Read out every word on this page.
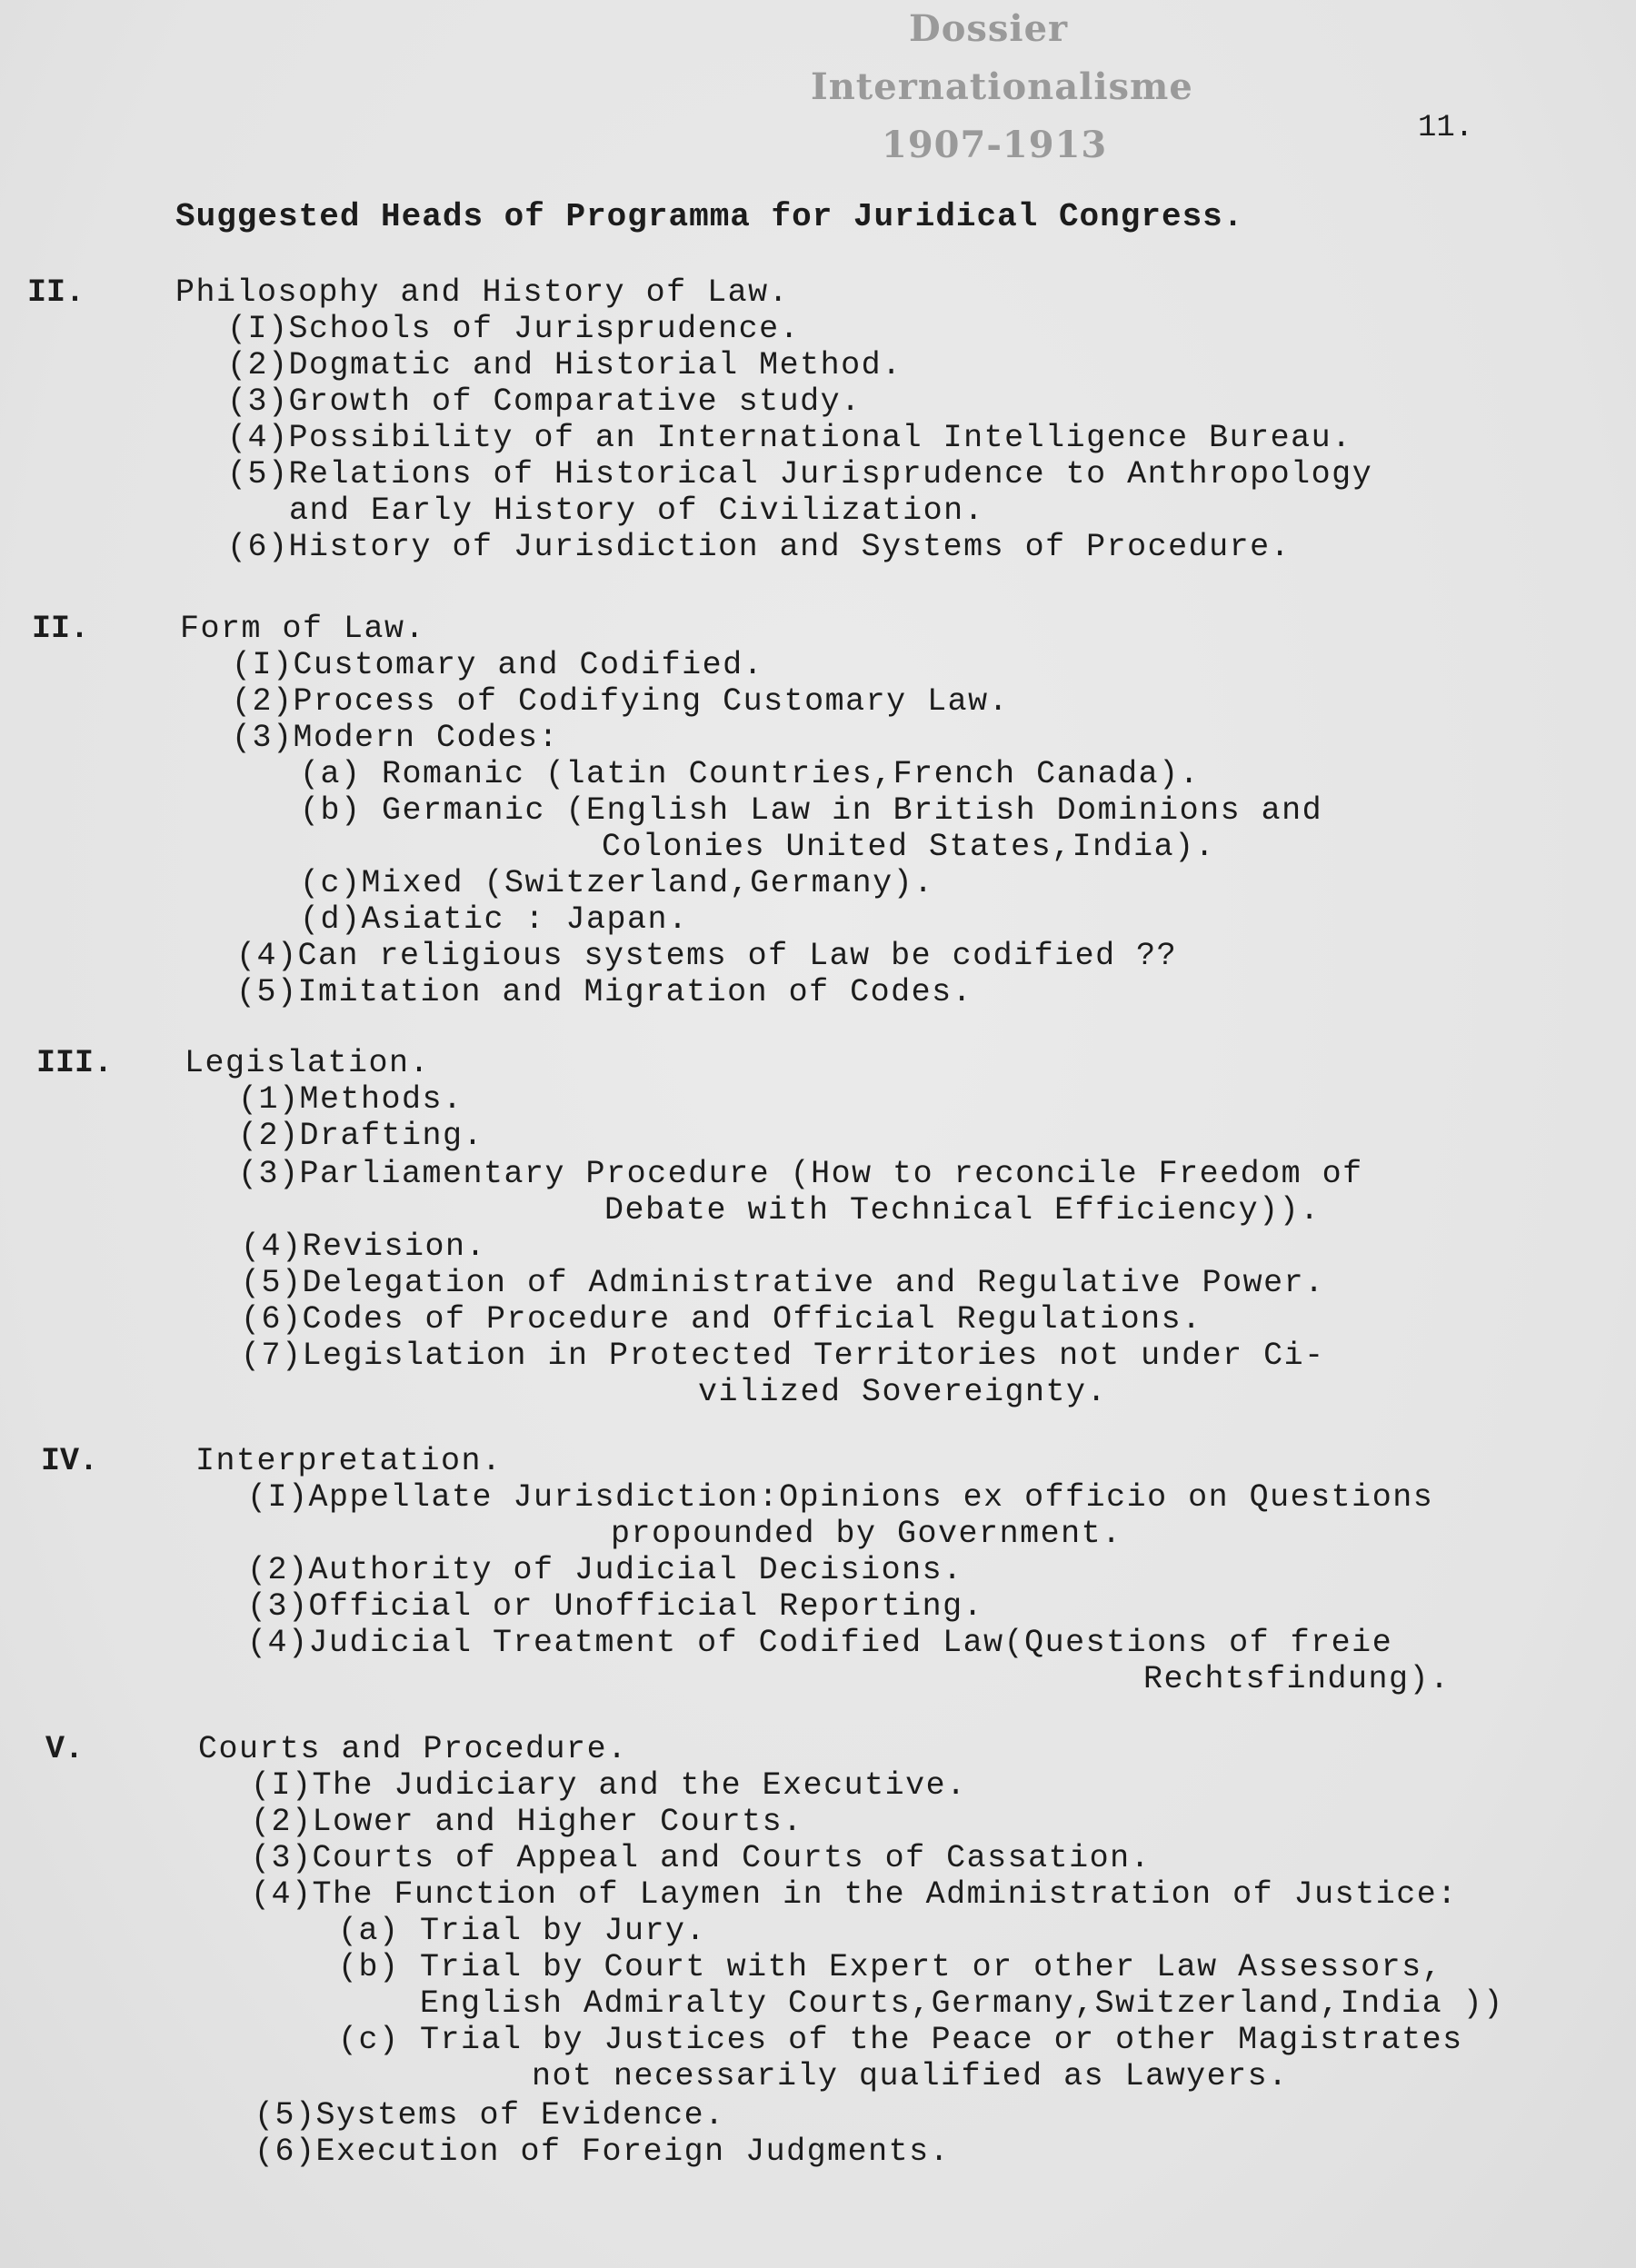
Dossier
Internationalisme
1907-1913	11.
Suggested Heads of Programma for Juridical Congress.
II.	Philosophy and History of Law.
(I)Schools of Jurisprudence.
(2)Dogmatic and Historial Method.
(3)Growth of Comparative study.
(4)Possibility of an International Intelligence Bureau.
(5)Relations of Historical Jurisprudence to Anthropology
and Early History of Civilization.
(6)History of Jurisdiction and Systems of Procedure.
II.	Form of Law.
(I)Customary and Codified.
(2)Process of Codifying Customary Law.
(3)Modern Codes:
(a) Romanic (latin Countries,French Canada).
(b) Germanic (English Law in British Dominions and
Colonies United States,India).
(c)Mixed (Switzerland,Germany).
(d)Asiatic : Japan.
(4)Can religious systems of Law be codified ??
(5)Imitation and Migration of Codes.
III. Legislation.
(1)Methods.
(2)Drafting.
(3)Parliamentary Procedure (How to reconcile Freedom of
Debate with Technical Efficiency)).
(4)Revision.
(5)Delegation of Administrative and Regulative Power.
(6)Codes of Procedure and Official Regulations.
(7)Legislation in Protected Territories not under Ci-
vilized Sovereignty.
IV.	Interpretation.
(I)Appellate Jurisdiction:Opinions ex officio on Questions
propounded by Government.
(2)Authority of Judicial Decisions.
(3)Official or Unofficial Reporting.
(4)Judicial Treatment of Codified Law(Questions of freie
Rechtsfindung).
V.	Courts and Procedure.
(I)The Judiciary and the Executive.
(2)Lower and Higher Courts.
(3)Courts of Appeal and Courts of Cassation.
(4)The Function of Laymen in the Administration of Justice:
(a) Trial by Jury.
(b) Trial by Court with Expert or other Law Assessors,
English Admiralty Courts,Germany,Switzerland,India ))
(c) Trial by Justices of the Peace or other Magistrates
not necessarily qualified as Lawyers.
(5)Systems of Evidence.
(6)Execution of Foreign Judgments.
